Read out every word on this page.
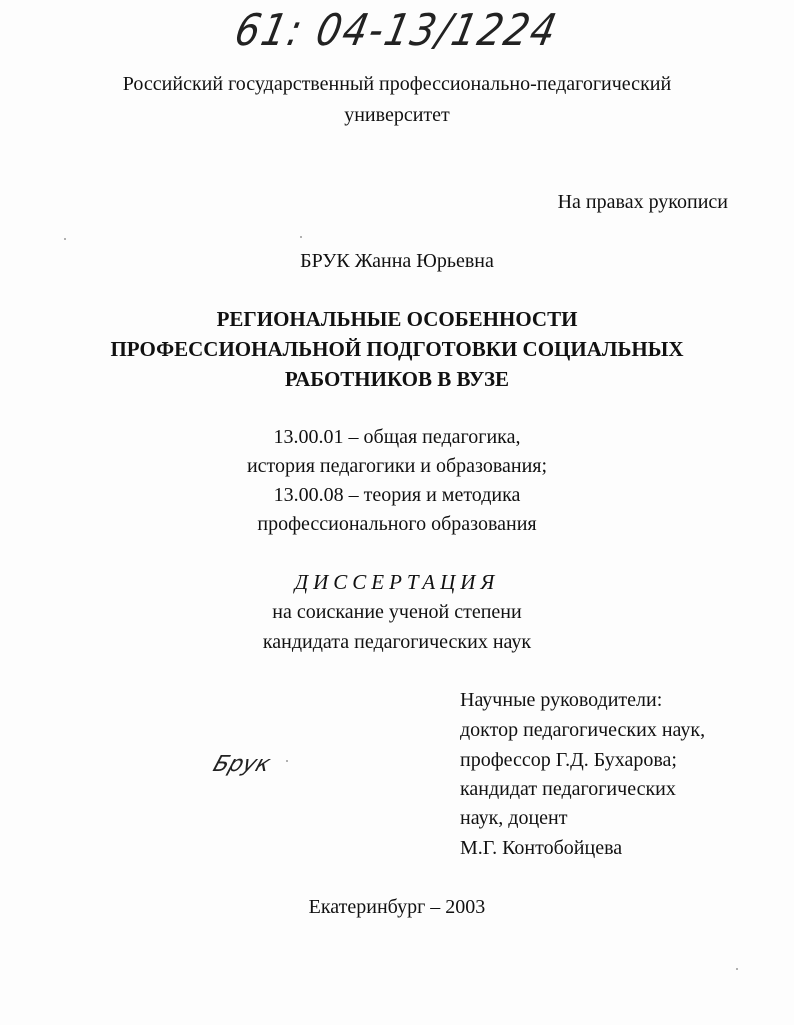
61: 04-13/1224
Российский государственный профессионально-педагогический
университет
На правах рукописи
БРУК Жанна Юрьевна
РЕГИОНАЛЬНЫЕ ОСОБЕННОСТИ
ПРОФЕССИОНАЛЬНОЙ ПОДГОТОВКИ СОЦИАЛЬНЫХ
РАБОТНИКОВ В ВУЗЕ
13.00.01 – общая педагогика,
история педагогики и образования;
13.00.08 – теория и методика
профессионального образования
ДИССЕРТАЦИЯ
на соискание ученой степени
кандидата педагогических наук
Брук
Научные руководители:
доктор педагогических наук,
профессор Г.Д. Бухарова;
кандидат педагогических
наук, доцент
М.Г. Контобойцева
Екатеринбург – 2003
